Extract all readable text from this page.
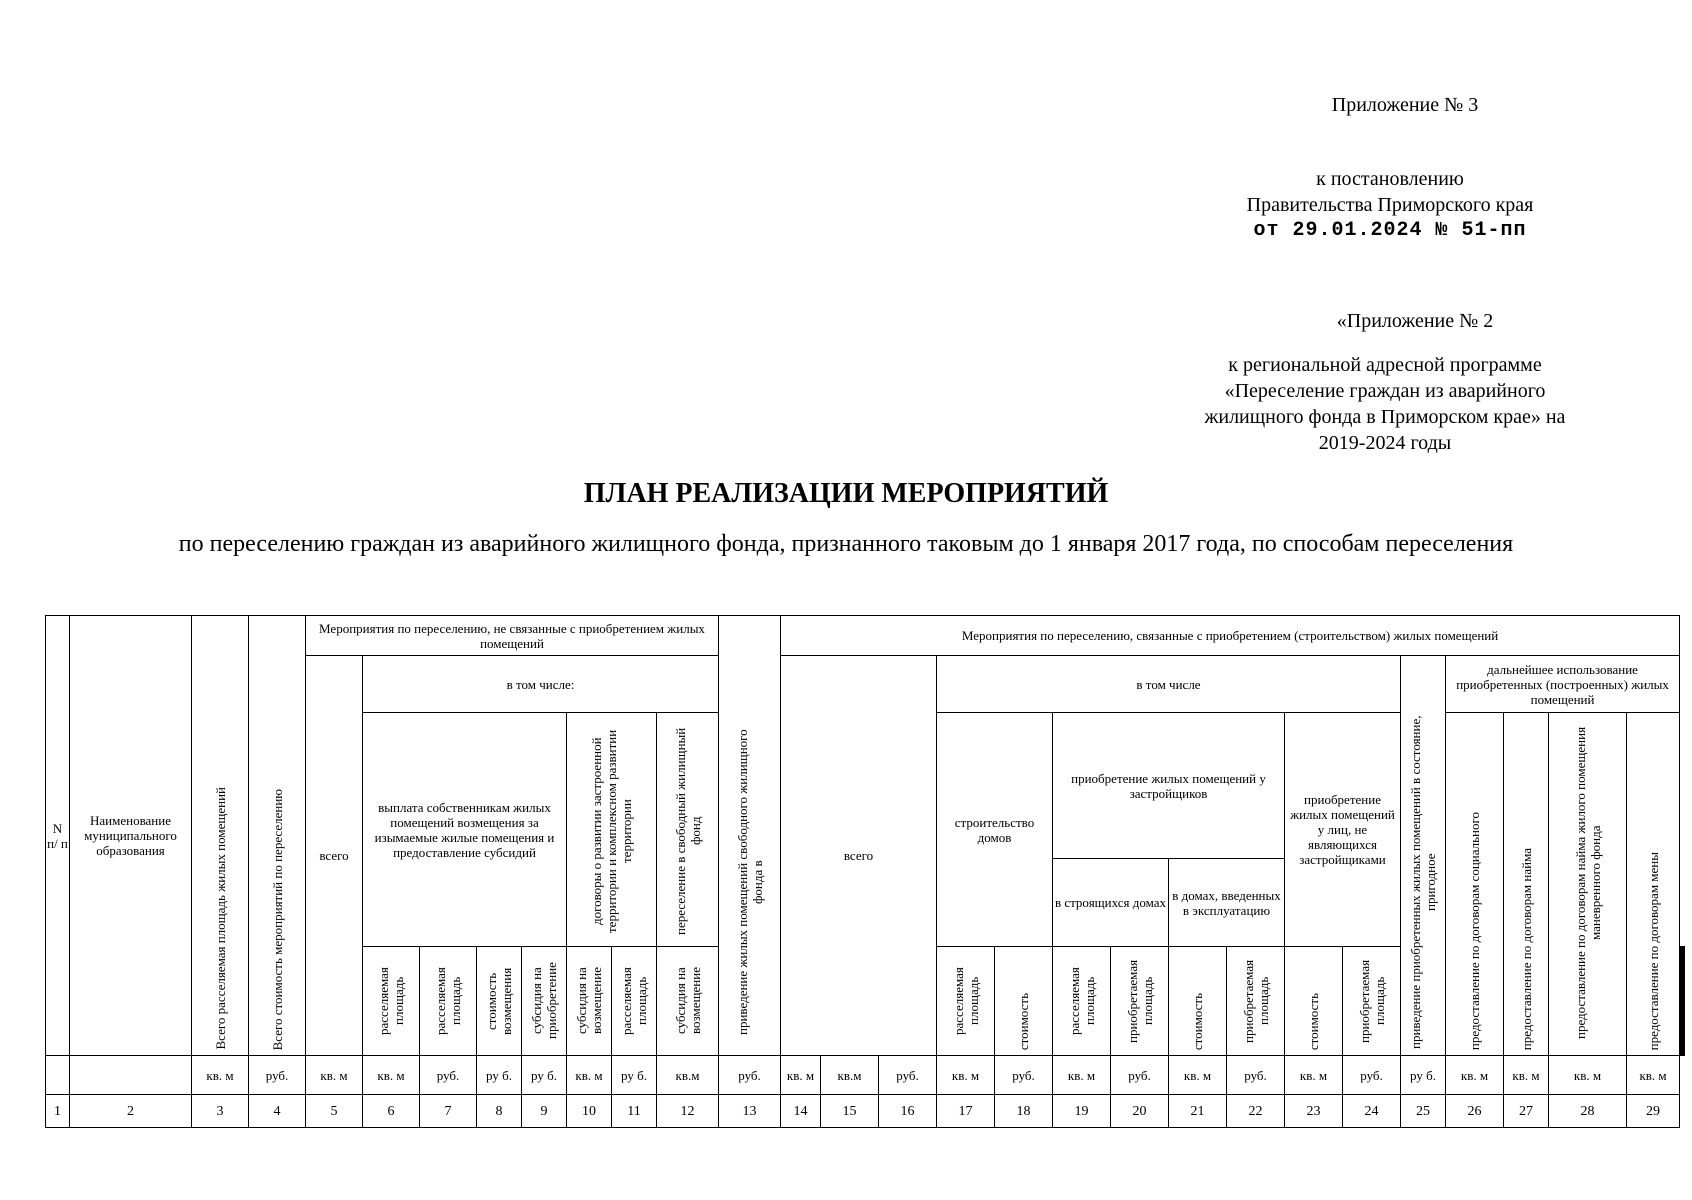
Приложение № 3
к постановлению
Правительства Приморского края
от 29.01.2024 № 51-пп
«Приложение № 2
к региональной адресной программе
«Переселение граждан из аварийного
жилищного фонда в Приморском крае» на
2019-2024 годы
ПЛАН РЕАЛИЗАЦИИ МЕРОПРИЯТИЙ
по переселению граждан из аварийного жилищного фонда, признанного таковым до 1 января 2017 года, по способам переселения
N п/ п	Наименование муниципального образования	Всего расселяемая площадь жилых помещений	Всего стоимость мероприятий по переселению	Мероприятия по переселению, не связанные с приобретением жилых помещений								приведение жилых помещений свободного жилищного фонда в	Мероприятия по переселению, связанные с приобретением (строительством) жилых помещений																		
				всего	в том числе:								всего			в том числе								приведение приобретенных жилых помещений в состояние, пригодное	дальнейшее использование приобретенных (построенных) жилых помещений						
					выплата собственникам жилых помещений возмещения за изымаемые жилые помещения и предоставление субсидий				договоры о развитии застроенной территории и комплексном развитии территории		переселение в свободный жилищный фонд					строительство домов		приобретение жилых помещений у застройщиков				приобретение жилых помещений у лиц, не являющихся застройщиками			предоставление по договорам социального	предоставление по договорам найма	предоставление по договорам найма жилого помещения маневренного фонда	предоставление по договорам мены			
																		в строящихся домах		в домах, введенных в эксплуатацию											
					расселяемая площадь	расселяемая площадь	стоимость возмещения	субсидия на приобретение	субсидия на возмещение	расселяемая площадь	субсидия на возмещение					расселяемая площадь	стоимость	расселяемая площадь	приобретаемая площадь	стоимость	приобретаемая площадь	стоимость	приобретаемая площадь										
		кв. м	руб.	кв. м	кв. м	руб.	ру б.	ру б.	кв. м	ру б.	кв.м	руб.	кв. м	кв.м	руб.	кв. м	руб.	кв. м	руб.	кв. м	руб.	кв. м	руб.	ру б.	кв. м	кв. м	кв. м	кв. м			
1	2	3	4	5	6	7	8	9	10	11	12	13	14	15	16	17	18	19	20	21	22	23	24	25	26	27	28	29			
